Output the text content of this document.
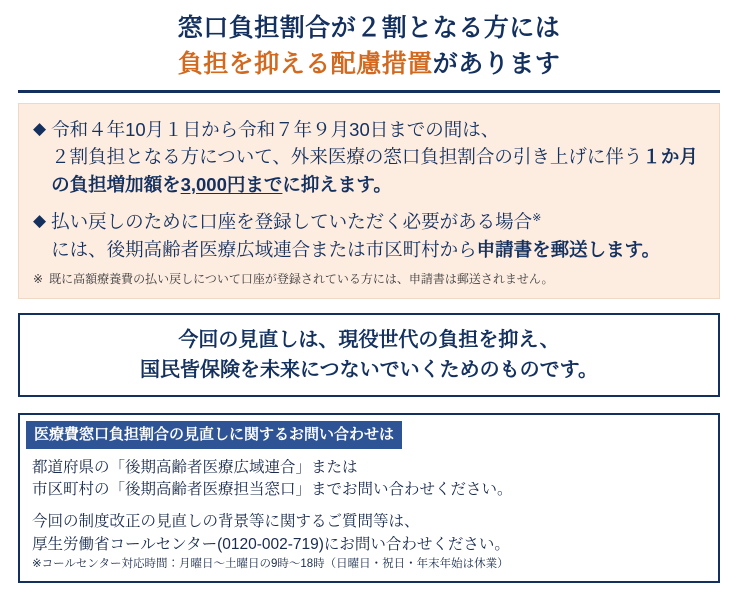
窓口負担割合が２割となる方には
負担を抑える配慮措置があります
◆ 令和４年10月１日から令和７年９月30日までの間は、
２割負担となる方について、外来医療の窓口負担割合の引き上げに伴う１か月の負担増加額を3,000円までに抑えます。
◆ 払い戻しのために口座を登録していただく必要がある場合※
には、後期高齢者医療広域連合または市区町村から申請書を郵送します。
※ 既に高額療養費の払い戻しについて口座が登録されている方には、申請書は郵送されません。
今回の見直しは、現役世代の負担を抑え、
国民皆保険を未来につないでいくためのものです。
医療費窓口負担割合の見直しに関するお問い合わせは

都道府県の「後期高齢者医療広域連合」または

市区町村の「後期高齢者医療担当窓口」までお問い合わせください。

今回の制度改正の見直しの背景等に関するご質問等は、

厚生労働省コールセンター(0120-002-719)にお問い合わせください。

※コールセンター対応時間：月曜日～土曜日の9時～18時（日曜日・祝日・年末年始は休業）
